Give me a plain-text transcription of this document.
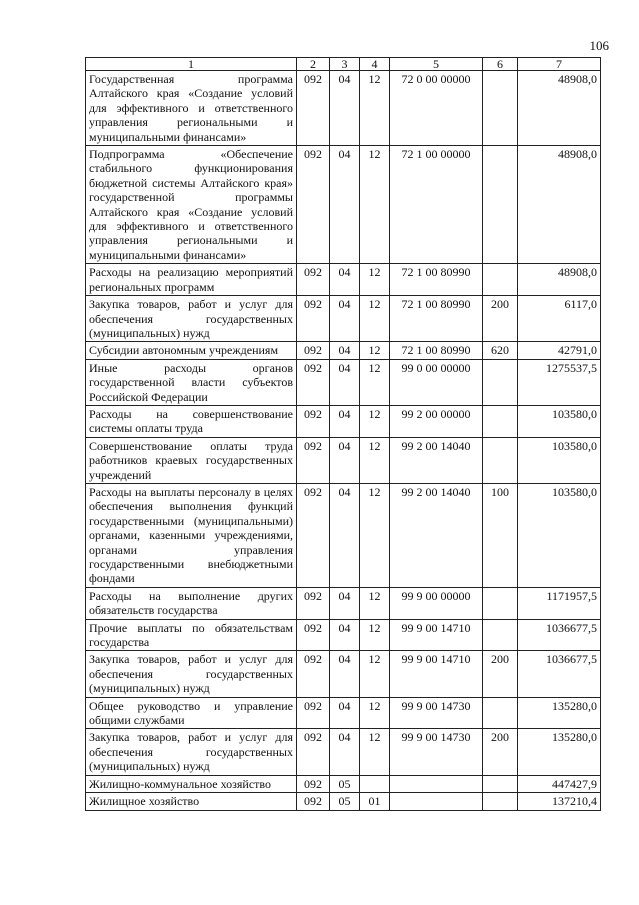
106
1	2	3	4	5	6	7
Государственная программа Алтайского края «Создание условий для эффективного и ответственного управления региональными и муниципальными финансами»	092	04	12	72 0 00 00000		48908,0
Подпрограмма «Обеспечение стабильного функционирования бюджетной системы Алтайского края» государственной программы Алтайского края «Создание условий для эффективного и ответственного управления региональными и муниципальными финансами»	092	04	12	72 1 00 00000		48908,0
Расходы на реализацию мероприятий региональных программ	092	04	12	72 1 00 80990		48908,0
Закупка товаров, работ и услуг для обеспечения государственных (муниципальных) нужд	092	04	12	72 1 00 80990	200	6117,0
Субсидии автономным учреждениям	092	04	12	72 1 00 80990	620	42791,0
Иные расходы органов государственной власти субъектов Российской Федерации	092	04	12	99 0 00 00000		1275537,5
Расходы на совершенствование системы оплаты труда	092	04	12	99 2 00 00000		103580,0
Совершенствование оплаты труда работников краевых государственных учреждений	092	04	12	99 2 00 14040		103580,0
Расходы на выплаты персоналу в целях обеспечения выполнения функций государственными (муниципальными) органами, казенными учреждениями, органами управления государственными внебюджетными фондами	092	04	12	99 2 00 14040	100	103580,0
Расходы на выполнение других обязательств государства	092	04	12	99 9 00 00000		1171957,5
Прочие выплаты по обязательствам государства	092	04	12	99 9 00 14710		1036677,5
Закупка товаров, работ и услуг для обеспечения государственных (муниципальных) нужд	092	04	12	99 9 00 14710	200	1036677,5
Общее руководство и управление общими службами	092	04	12	99 9 00 14730		135280,0
Закупка товаров, работ и услуг для обеспечения государственных (муниципальных) нужд	092	04	12	99 9 00 14730	200	135280,0
Жилищно-коммунальное хозяйство	092	05				447427,9
Жилищное хозяйство	092	05	01			137210,4
